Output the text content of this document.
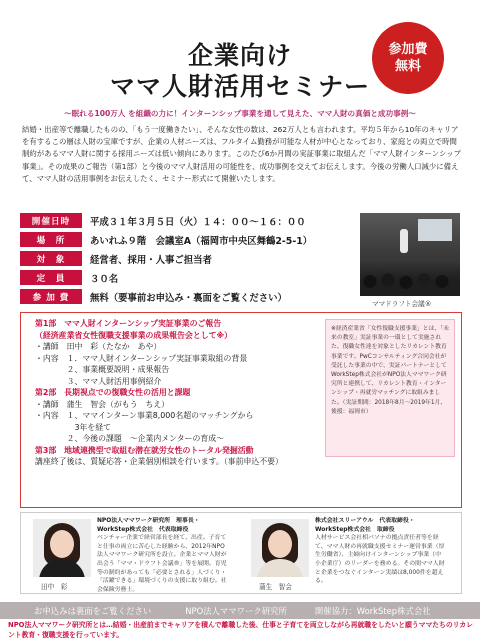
参加費
無料
企業向け
ママ人財活用セミナー
～眠れる100万人 を組織の力に！インターンシップ事業を通して見えた、ママ人財の真価と成功事例～
結婚・出産等で離職したものの、「もう一度働きたい」、そんな女性の数は、262万人とも言われます。平均５年から10年のキャリアを有するこの層は人財の宝庫ですが、企業の人材ニーズは、フルタイム勤務が可能な人材が中心となっており、家庭との両立で時間制約があるママ人財に関する採用ニーズは低い傾向にあります。このたび6か月間の実証事業に取組んだ「ママ人財インターンシップ事業」。その成果のご報告（第1部）と今後のママ人財活用の可能性を、成功事例を交えてお伝えします。今後の労働人口減少に備えて、ママ人財の活用事例をお伝えしたく、セミナー形式にて開催いたします。
開催日時	平成３１年３月５日（火）１４：００～１６：００
場　所	あいれふ９階　会議室A（福岡市中央区舞鶴2-5-1）
対　象	経営者、採用・人事ご担当者
定　員	３０名
参 加 費	無料（要事前お申込み・裏面をご覧ください）
ママドラフト会議®
第1部　ママ人財インターンシップ実証事業のご報告
（経済産業省女性復職支援事業の成果報告会として※）
・講師　田中　彩（たなか　あや）
・内容　１．ママ人財インターンシップ実証事業取組の背景
　　　　２、事業概要説明・成果報告
　　　　３、ママ人財活用事例紹介
第2部　長期視点での復職女性の活用と課題
・講師　蒲生　智会（がもう　ちえ）
・内容　１、ママインターン事業8,000名超のマッチングから
　　　　　3年を経て
　　　　２、今後の課題　～企業内メンターの育成～
第3部　地域連携型で取組む潜在就労女性のトータル発掘活動
講座終了後は、質疑応答・企業個別相談を行います。（事前申込不要）
※経済産業省「女性復職支援事業」とは、「未来の教室」実証事業の一環として実施された、復職女性達を対象としたリカレント教育事業です。PwCコンサルティング合同会社が受託した事業の中で、実証パートナーとしてWorkStep株式会社がNPO法人ママワーク研究所と連携して、リカレント教育・インターンシップ・再就労マッチングに取組みました。（実証期間：2018年8月～2019年1月、後援：福岡市）
田中　彩
NPO法人ママワーク研究所　理事長・WorkStep株式会社　代表取締役
ベンチャー企業で経営部長を経て、出産。子育てと仕事の両立に苦心した経験から、2012年NPO法人ママワーク研究所を設立。企業とママ人財が出会う「ママ・ドラフト会議®」等を展開。育児等の制約があっても「必要とされる」人づくり・「活躍できる」環境づくりの支援に取り組む。社会保険労務士。	蒲生　智会
株式会社スリーアウル　代表取締役・WorkStep株式会社　取締役
人材サービス会社相パソナの拠点責任者等を経て、ママ人財の再就職支援セミナー運営事業（厚生労働省）、主婦向けインターンシップ事業（中小企業庁）のリーダーを務める。その間ママ人財と企業をつなぐインターン実績は8,000件を超える。
お申込みは裏面をご覧ください	NPO法人ママワーク研究所	開催協力：WorkStep株式会社
NPO法人ママワーク研究所とは…結婚・出産前までキャリアを積んで離職した後、仕事と子育てを両立しながら再就職をしたいと願うママたちのリカレント教育・復職支援を行っています。
